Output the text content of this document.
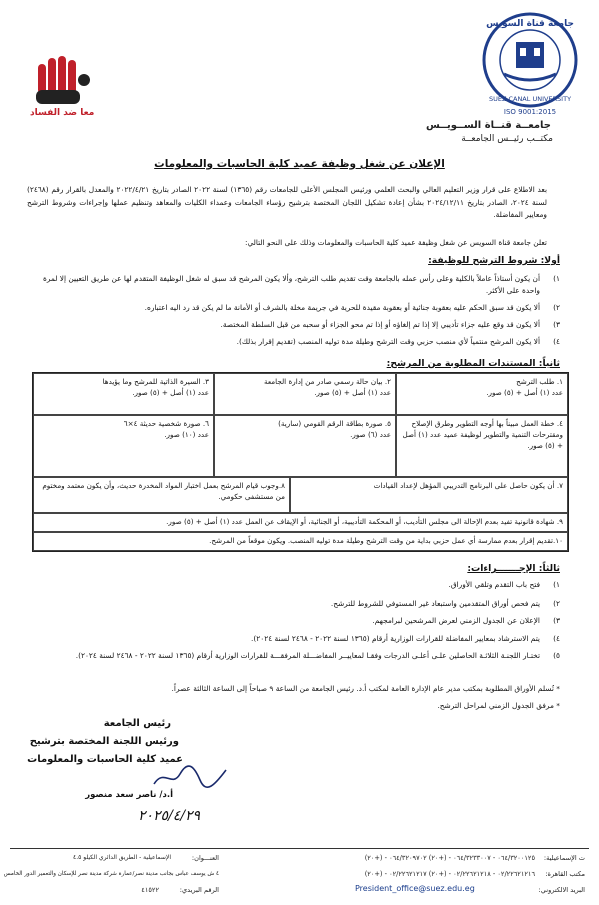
جامعة قناة السويس
SUEZ CANAL UNIVERSITY
ISO 9001:2015
جامعــة قنــاة الســويــس
مكتــب رئيــس الجامعــة
معا ضد الفساد
الإعلان عن شغل وظيفة عميد كلية الحاسبات والمعلومات
بعد الاطلاع على قرار وزير التعليم العالي والبحث العلمي ورئيس المجلس الأعلى للجامعات رقم (١٣٦٥) لسنة ٢٠٢٢ الصادر بتاريخ ٢٠٢٢/٤/٢١ والمعدل بالقرار رقم (٢٤٦٨) لسنة ٢٠٢٤، الصادر بتاريخ ٢٠٢٤/١٢/١١ بشأن إعادة تشكيل اللجان المختصة بترشيح رؤساء الجامعات وعمداء الكليات والمعاهد وتنظيم عملها وإجراءات وشروط الترشح ومعايير المفاضلة.
تعلن جامعة قناة السويس عن شغل وظيفة عميد كلية الحاسبات والمعلومات وذلك على النحو التالي:
أولا: شروط الترشح للوظيفة:
١)
أن يكون أستاذاً عاملاً بالكلية وعلى رأس عمله بالجامعة وقت تقديم طلب الترشح، وألا يكون المرشح قد سبق له شغل الوظيفة المتقدم لها عن طريق التعيين إلا لمرة واحدة على الأكثر.
٢)
ألا يكون قد سبق الحكم عليه بعقوبة جنائية أو بعقوبة مقيدة للحرية في جريمة مخلة بالشرف أو الأمانة ما لم يكن قد رد اليه اعتباره.
٣)
ألا يكون قد وقع عليه جزاء تأديبي إلا إذا تم إلغاؤه أو إذا تم محو الجزاء أو سحبه من قبل السلطة المختصة.
٤)
ألا يكون المرشح منتمياً لأي منصب حزبي وقت الترشح وطيلة مدة توليه المنصب (تقديم إقرار بذلك).
ثانياً: المستندات المطلوبة من المرشح:
١. طلب الترشح
عدد (١) أصل + (٥) صور.
٢. بيان حالة رسمي صادر من إدارة الجامعة
عدد (١) أصل + (٥) صور.
٣. السيرة الذاتية للمرشح وما يؤيدها
عدد (١) أصل + (٥) صور.
٤. خطة العمل مبيناً بها أوجه التطوير وطرق الإصلاح ومقترحات التنمية والتطوير لوظيفة عميد عدد (١) أصل + (٥) صور.
٥. صورة بطاقة الرقم القومي (سارية)
عدد (٦) صور.
٦. صورة شخصية حديثة ٤×٦
عدد (١٠) صور.
٧. أن يكون حاصل على البرنامج التدريبي المؤهل لإعداد القيادات
٨.وجوب قيام المرشح بعمل اختبار المواد المخدرة حديث، وأن يكون معتمد ومختوم من مستشفى حكومي.
٩. شهادة قانونية تفيد بعدم الإحالة الى مجلس التأديب، أو المحكمة التأديبية، أو الجنائية، أو الإيقاف عن العمل عدد (١) أصل + (٥) صور.
١٠.تقديم إقرار بعدم ممارسة أي عمل حزبي بداية من وقت الترشح وطيلة مدة توليه المنصب. ويكون موقعاً من المرشح.
ثالثاً: الإجـــــــراءات:
١)
فتح باب التقدم وتلقي الأوراق.
٢)
يتم فحص أوراق المتقدمين واستبعاد غير المستوفي للشروط للترشح.
٣)
الإعلان عن الجدول الزمني لعرض المرشحين لبرامجهم.
٤)
يتم الاسترشاد بمعايير المفاضلة للقرارات الوزارية أرقام (١٣٦٥ لسنة ٢٠٢٢ - ٢٤٦٨ لسنة ٢٠٢٤).
٥)
تختـار اللجنـة الثلاثـة الحاصلين علـى أعلـى الدرجات وفقـا لمعاييــر المفاضـــلة المرفقـــة للقرارات الوزارية أرقام (١٣٦٥ لسنة ٢٠٢٢ - ٢٤٦٨ لسنة ٢٠٢٤).
* تُسلم الأوراق المطلوبة بمكتب مدير عام الإدارة العامة لمكتب أ.د. رئيس الجامعة من الساعة ٩ صباحاً إلى الساعة الثالثة عصراً.
* مرفق الجدول الزمني لمراحل الترشح.
رئيس الجامعة
ورئيس اللجنة المختصة بترشيح
عميد كلية الحاسبات والمعلومات
أ.د/ ناصر سعد منصور
٢٠٢٥/٤/٢٩
ت الإسماعيلية:
٠٦٤/٣٢٠٠١٢٥ - ٠٦٤/٣٢٣٣٠٠٧ - (+٢٠) ٠٦٤/٣٢٠٩٧٠٢ - (+٢٠)
مكتب القاهرة:
٠٢/٢٢٦٢١٢١٦ - ٠٢/٢٢٦٢١٢١٨ - (+٢٠) ٠٢/٢٢٦٢١٢١٧ - (+٢٠)
البريد الالكتروني:
President_office@suez.edu.eg
العنـــوان:
الإسماعيلية - الطريق الدائري الكيلو ٤.٥
٤ ش يوسف عباس بجانب مدينة نصر/عمارة شركة مدينة نصر للإسكان والتعمير الدور الخامس
الرقم البريدي:
٤١٥٢٢
